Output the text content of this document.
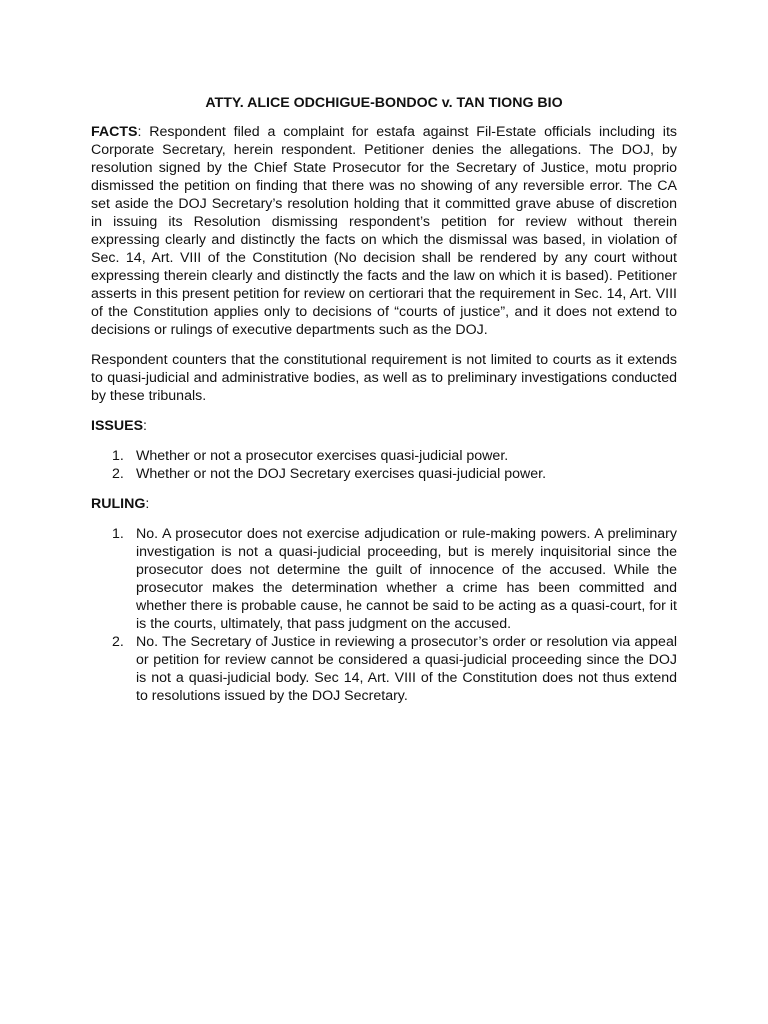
ATTY. ALICE ODCHIGUE-BONDOC v. TAN TIONG BIO

FACTS: Respondent filed a complaint for estafa against Fil-Estate officials including its Corporate Secretary, herein respondent. Petitioner denies the allegations. The DOJ, by resolution signed by the Chief State Prosecutor for the Secretary of Justice, motu proprio dismissed the petition on finding that there was no showing of any reversible error. The CA set aside the DOJ Secretary’s resolution holding that it committed grave abuse of discretion in issuing its Resolution dismissing respondent’s petition for review without therein expressing clearly and distinctly the facts on which the dismissal was based, in violation of Sec. 14, Art. VIII of the Constitution (No decision shall be rendered by any court without expressing therein clearly and distinctly the facts and the law on which it is based). Petitioner asserts in this present petition for review on certiorari that the requirement in Sec. 14, Art. VIII of the Constitution applies only to decisions of “courts of justice”, and it does not extend to decisions or rulings of executive departments such as the DOJ.

Respondent counters that the constitutional requirement is not limited to courts as it extends to quasi-judicial and administrative bodies, as well as to preliminary investigations conducted by these tribunals.

ISSUES:
1. Whether or not a prosecutor exercises quasi-judicial power.
2. Whether or not the DOJ Secretary exercises quasi-judicial power.
RULING:
1. No. A prosecutor does not exercise adjudication or rule-making powers. A preliminary investigation is not a quasi-judicial proceeding, but is merely inquisitorial since the prosecutor does not determine the guilt of innocence of the accused. While the prosecutor makes the determination whether a crime has been committed and whether there is probable cause, he cannot be said to be acting as a quasi-court, for it is the courts, ultimately, that pass judgment on the accused.
2. No. The Secretary of Justice in reviewing a prosecutor’s order or resolution via appeal or petition for review cannot be considered a quasi-judicial proceeding since the DOJ is not a quasi-judicial body. Sec 14, Art. VIII of the Constitution does not thus extend to resolutions issued by the DOJ Secretary.
